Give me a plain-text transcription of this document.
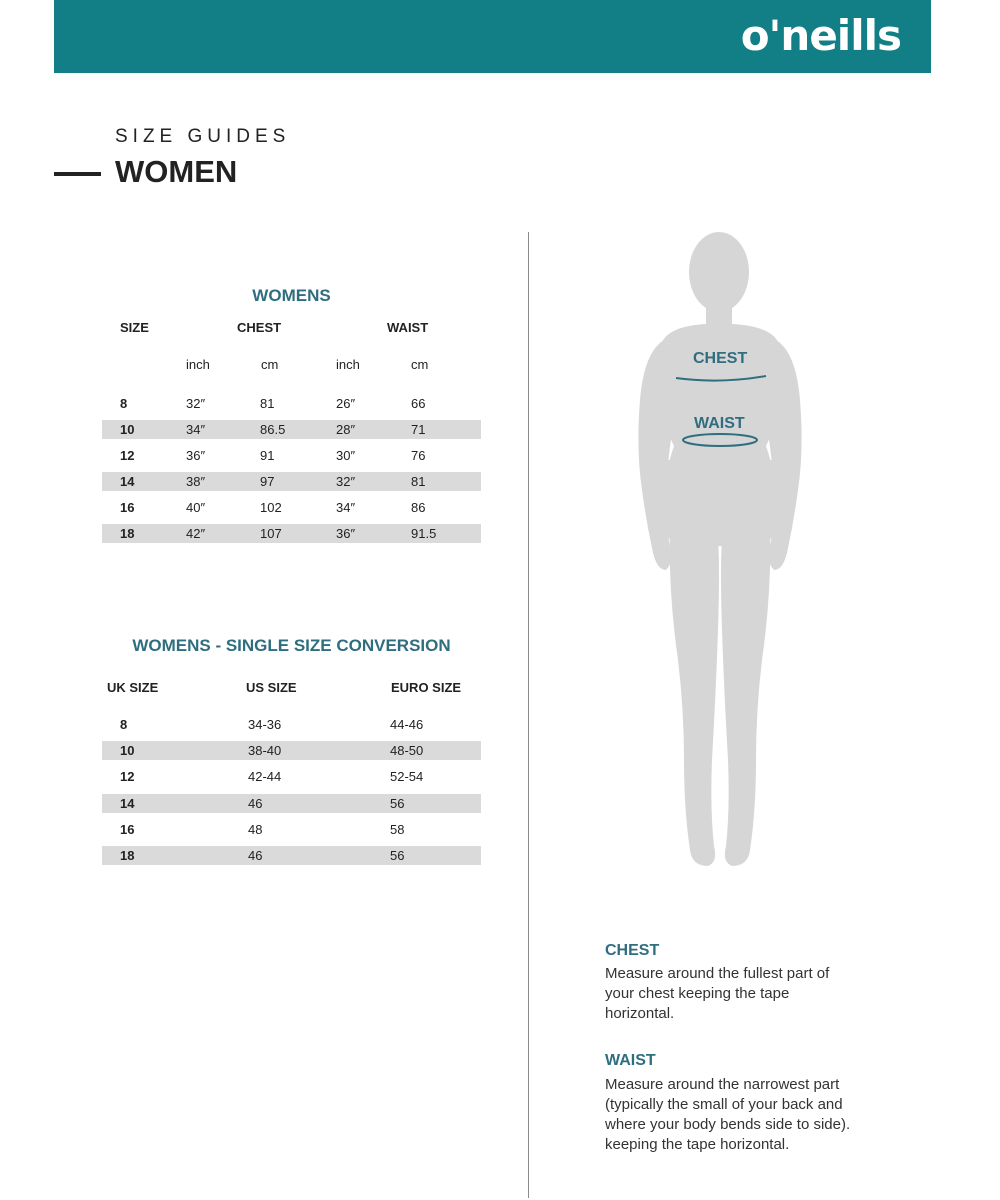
o'neills
SIZE GUIDES
WOMEN
WOMENS
SIZE	CHEST	WAIST
inch	cm	inch	cm
8	32″	81	26″	66
10	34″	86.5	28″	71
12	36″	91	30″	76
14	38″	97	32″	81
16	40″	102	34″	86
18	42″	107	36″	91.5
WOMENS - SINGLE SIZE CONVERSION
UK SIZE	US SIZE	EURO SIZE
8	34-36	44-46
10	38-40	48-50
12	42-44	52-54
14	46	56
16	48	58
18	46	56
CHEST
WAIST
CHEST
Measure around the fullest part of
your chest keeping the tape
horizontal.
WAIST
Measure around the narrowest part
(typically the small of your back and
where your body bends side to side).
keeping the tape horizontal.
